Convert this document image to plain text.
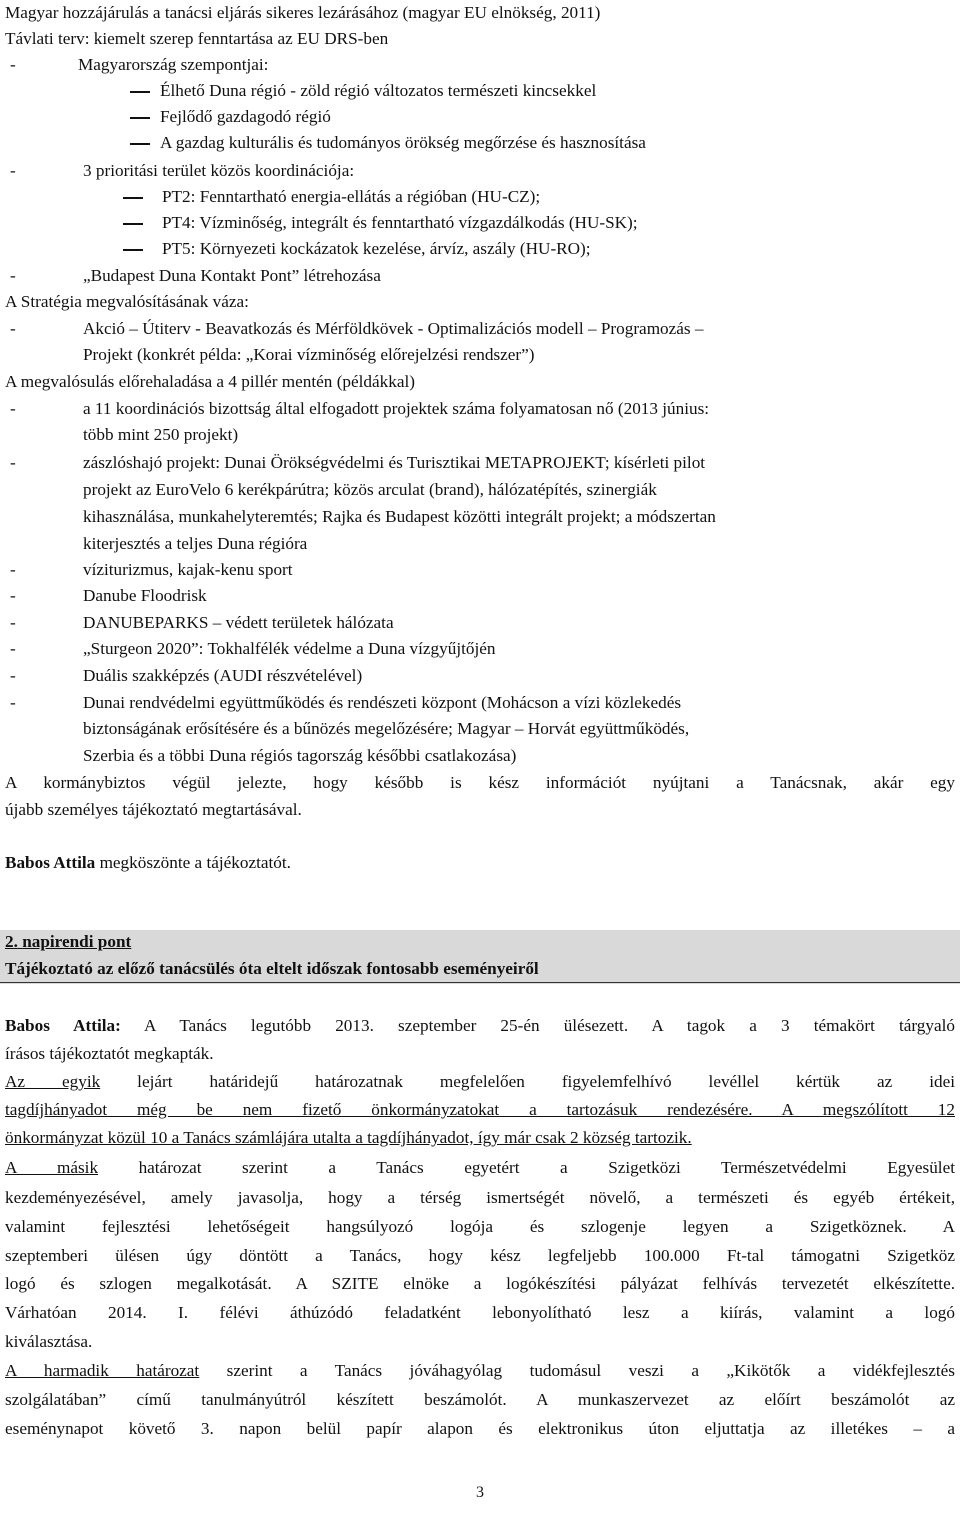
Magyar hozzájárulás a tanácsi eljárás sikeres lezárásához (magyar EU elnökség, 2011)
Távlati terv: kiemelt szerep fenntartása az EU DRS-ben
-	Magyarország szempontjai:
Élhető Duna régió - zöld régió változatos természeti kincsekkel
Fejlődő gazdagodó régió
A gazdag kulturális és tudományos örökség megőrzése és hasznosítása
-	3 prioritási terület közös koordinációja:
PT2: Fenntartható energia-ellátás a régióban (HU-CZ);
PT4: Vízminőség, integrált és fenntartható vízgazdálkodás (HU-SK);
PT5: Környezeti kockázatok kezelése, árvíz, aszály (HU-RO);
-	„Budapest Duna Kontakt Pont” létrehozása
A Stratégia megvalósításának váza:
-	Akció – Útiterv - Beavatkozás és Mérföldkövek - Optimalizációs modell – Programozás –
Projekt (konkrét példa: „Korai vízminőség előrejelzési rendszer”)
A megvalósulás előrehaladása a 4 pillér mentén (példákkal)
-	a 11 koordinációs bizottság által elfogadott projektek száma folyamatosan nő (2013 június:
több mint 250 projekt)
-	zászlóshajó projekt: Dunai Örökségvédelmi és Turisztikai METAPROJEKT; kísérleti pilot
projekt az EuroVelo 6 kerékpárútra; közös arculat (brand), hálózatépítés, szinergiák
kihasználása, munkahelyteremtés; Rajka és Budapest közötti integrált projekt; a módszertan
kiterjesztés a teljes Duna régióra
-	víziturizmus, kajak-kenu sport
-	Danube Floodrisk
-	DANUBEPARKS – védett területek hálózata
-	„Sturgeon 2020”: Tokhalfélék védelme a Duna vízgyűjtőjén
-	Duális szakképzés (AUDI részvételével)
-	Dunai rendvédelmi együttműködés és rendészeti központ (Mohácson a vízi közlekedés
biztonságának erősítésére és a bűnözés megelőzésére; Magyar – Horvát együttműködés,
Szerbia és a többi Duna régiós tagország későbbi csatlakozása)
A kormánybiztos végül jelezte, hogy később is kész információt nyújtani a Tanácsnak, akár egy
újabb személyes tájékoztató megtartásával.
Babos Attila megköszönte a tájékoztatót.
2. napirendi pont
Tájékoztató az előző tanácsülés óta eltelt időszak fontosabb eseményeiről
Babos Attila: A Tanács legutóbb 2013. szeptember 25-én ülésezett. A tagok a 3 témakört tárgyaló
írásos tájékoztatót megkapták.
Az egyik lejárt határidejű határozatnak megfelelően figyelemfelhívó levéllel kértük az idei
tagdíjhányadot még be nem fizető önkormányzatokat a tartozásuk rendezésére. A megszólított 12
önkormányzat közül 10 a Tanács számlájára utalta a tagdíjhányadot, így már csak 2 község tartozik.
A másik határozat szerint a Tanács egyetért a Szigetközi Természetvédelmi Egyesület
kezdeményezésével, amely javasolja, hogy a térség ismertségét növelő, a természeti és egyéb értékeit,
valamint fejlesztési lehetőségeit hangsúlyozó logója és szlogenje legyen a Szigetköznek. A
szeptemberi ülésen úgy döntött a Tanács, hogy kész legfeljebb 100.000 Ft-tal támogatni Szigetköz
logó és szlogen megalkotását. A SZITE elnöke a logókészítési pályázat felhívás tervezetét elkészítette.
Várhatóan 2014. I. félévi áthúzódó feladatként lebonyolítható lesz a kiírás, valamint a logó
kiválasztása.
A harmadik határozat szerint a Tanács jóváhagyólag tudomásul veszi a „Kikötők a vidékfejlesztés
szolgálatában” című tanulmányútról készített beszámolót. A munkaszervezet az előírt beszámolót az
eseménynapot követő 3. napon belül papír alapon és elektronikus úton eljuttatja az illetékes – a
3
